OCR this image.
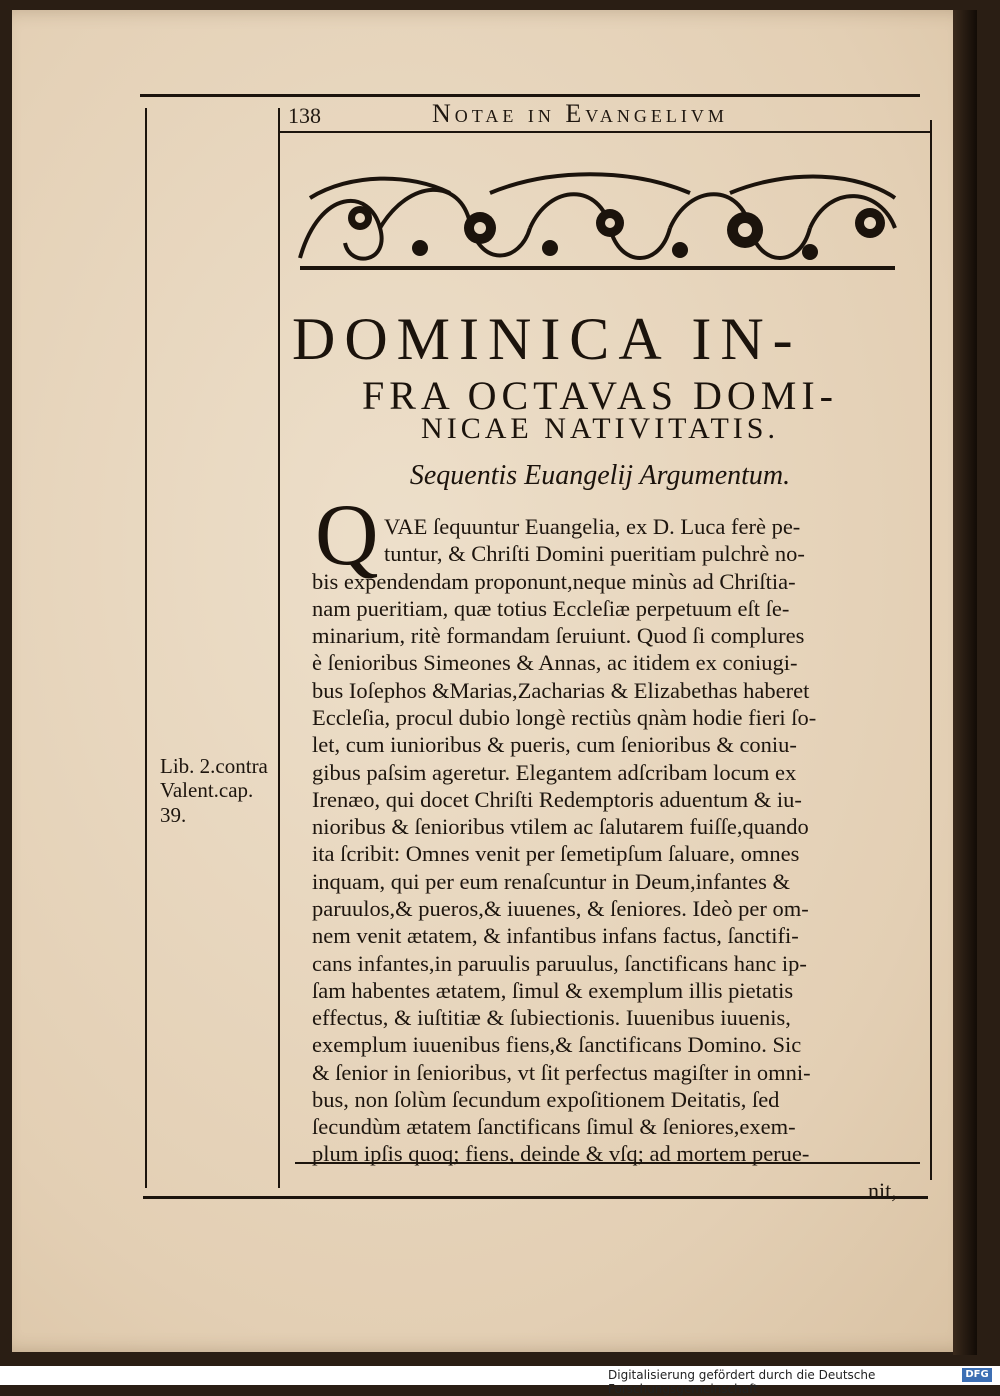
138	Notae in Evangelivm
DOMINICA IN-
FRA OCTAVAS DOMI-
NICAE NATIVITATIS.
Sequentis Euangelij Argumentum.
Q VAE ſequuntur Euangelia, ex D. Luca ferè pe-
tuntur, & Chriſti Domini pueritiam pulchrè no-
bis expendendam proponunt,neque minùs ad Chriſtia-
nam pueritiam, quæ totius Eccleſiæ perpetuum eſt ſe-
minarium, ritè formandam ſeruiunt. Quod ſi complures
è ſenioribus Simeones & Annas, ac itidem ex coniugi-
bus Ioſephos &Marias,Zacharias & Elizabethas haberet
Eccleſia, procul dubio longè rectiùs qnàm hodie fieri ſo-
let, cum iunioribus & pueris, cum ſenioribus & coniu-
gibus paſsim ageretur. Elegantem adſcribam locum ex
Irenæo, qui docet Chriſti Redemptoris aduentum & iu-
nioribus & ſenioribus vtilem ac ſalutarem fuiſſe,quando
ita ſcribit: Omnes venit per ſemetipſum ſaluare, omnes
inquam, qui per eum renaſcuntur in Deum,infantes &
paruulos,& pueros,& iuuenes, & ſeniores. Ideò per om-
nem venit ætatem, & infantibus infans factus, ſanctifi-
cans infantes,in paruulis paruulus, ſanctificans hanc ip-
ſam habentes ætatem, ſimul & exemplum illis pietatis
effectus, & iuſtitiæ & ſubiectionis. Iuuenibus iuuenis,
exemplum iuuenibus fiens,& ſanctificans Domino. Sic
& ſenior in ſenioribus, vt ſit perfectus magiſter in omni-
bus, non ſolùm ſecundum expoſitionem Deitatis, ſed
ſecundùm ætatem ſanctificans ſimul & ſeniores,exem-
plum ipſis quoq; fiens, deinde & vſq; ad mortem perue-
Lib. 2.contra
Valent.cap.
39.
nit,
Digitalisierung gefördert durch die Deutsche Forschungsgemeinschaft ·
DFG
